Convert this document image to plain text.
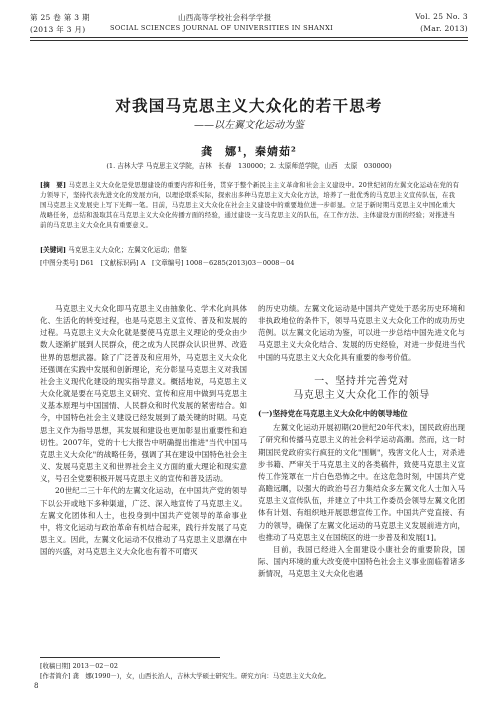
第 25 卷 第 3 期
(2013 年 3 月)
山西高等学校社会科学学报
SOCIAL SCIENCES JOURNAL OF UNIVERSITIES IN SHANXI
Vol. 25 No. 3
(Mar. 2013)
对我国马克思主义大众化的若干思考
——以左翼文化运动为鉴
龚　娜¹，秦婧茹²
(1. 吉林大学 马克思主义学院，吉林　长春　130000；2. 太原师范学院，山西　太原　030000)
[摘　要] 马克思主义大众化是党思想建设的重要内容和任务，贯穿于整个新民主主义革命和社会主义建设中。20世纪初的左翼文化运动在党的有力领导下，坚持代表先进文化的发展方向，以理论联系实际，探索出多种马克思主义大众化方法，培养了一批优秀的马克思主义宣传队伍，在我国马克思主义发展史上写下光辉一笔。目前，马克思主义大众化在社会主义建设中的重要地位进一步彰显。立足于新时期马克思主义中国化重大战略任务，总结和汲取其在马克思主义大众化传播方面的经验，通过建设一支马克思主义的队伍，在工作方法、主体建设方面的经验；对推进当前的马克思主义大众化具有重要意义。
[关键词] 马克思主义大众化；左翼文化运动；借鉴
[中图分类号] D61　[文献标识码] A　[文章编号] 1008－6285(2013)03－0008－04

马克思主义大众化即马克思主义由抽象化、学术化向具体化、生活化的转变过程，也是马克思主义宣传、普及和发展的过程。马克思主义大众化就是要使马克思主义理论的受众由少数人逐渐扩展到人民群众，使之成为人民群众认识世界、改造世界的思想武器。除了广泛普及和应用外，马克思主义大众化还强调在实践中发展和创新理论，充分彰显马克思主义对我国社会主义现代化建设的现实指导意义。概括地说，马克思主义大众化就是要在马克思主义研究、宣传和应用中做到马克思主义基本原理与中国国情、人民群众和时代发展的紧密结合。如今，中国特色社会主义建设已经发展到了最关键的时期。马克思主义作为指导思想，其发展和建设也更加彰显出重要性和迫切性。2007年，党的十七大报告中明确提出推进"当代中国马克思主义大众化"的战略任务，强调了其在建设中国特色社会主义、发展马克思主义和世界社会主义方面的重大理论和现实意义，号召全党要积极开展马克思主义的宣传和普及活动。

20世纪二三十年代的左翼文化运动，在中国共产党的领导下以公开或地下多种渠道，广泛、深入地宣传了马克思主义。左翼文化团体和人士，也投身到中国共产党领导的革命事业中，将文化运动与政治革命有机结合起来，践行并发展了马克思主义。因此，左翼文化运动不仅推动了马克思主义思潮在中国的兴盛，对马克思主义大众化也有着不可磨灭

的历史功绩。左翼文化运动是中国共产党处于恶劣历史环境和非执政地位的条件下，领导马克思主义大众化工作的成功历史范例。以左翼文化运动为鉴，可以进一步总结中国先进文化与马克思主义大众化结合、发展的历史经验，对进一步促进当代中国的马克思主义大众化具有重要的参考价值。

一、坚持并完善党对
马克思主义大众化工作的领导
(一)坚持党在马克思主义大众化中的领导地位

左翼文化运动开展初期(20世纪20年代末)，国民政府出现了研究和传播马克思主义的社会科学运动高潮。然而，这一时期国民党政府实行疯狂的文化"围剿"，残害文化人士，对杀进步书籍、严审关于马克思主义的各类稿件，致使马克思主义宣传工作笼罩在一片白色恐怖之中。在这危急时刻，中国共产党高瞻远瞩，以强大的政治号召力集结众多左翼文化人士加入马克思主义宣传队伍，并建立了中共工作委员会领导左翼文化团体有计划、有组织地开展思想宣传工作。中国共产党直接、有力的领导，确保了左翼文化运动的马克思主义发展前进方向，也推动了马克思主义在国统区的进一步普及和发展[1]。

目前，我国已经进入全面建设小康社会的重要阶段，国际、国内环境的重大改变使中国特色社会主义事业面临着诸多新情况，马克思主义大众化也遇

[收稿日期] 2013－02－02
[作者简介] 龚　娜(1990－)，女，山西长治人，吉林大学硕士研究生。研究方向：马克思主义大众化。
8
